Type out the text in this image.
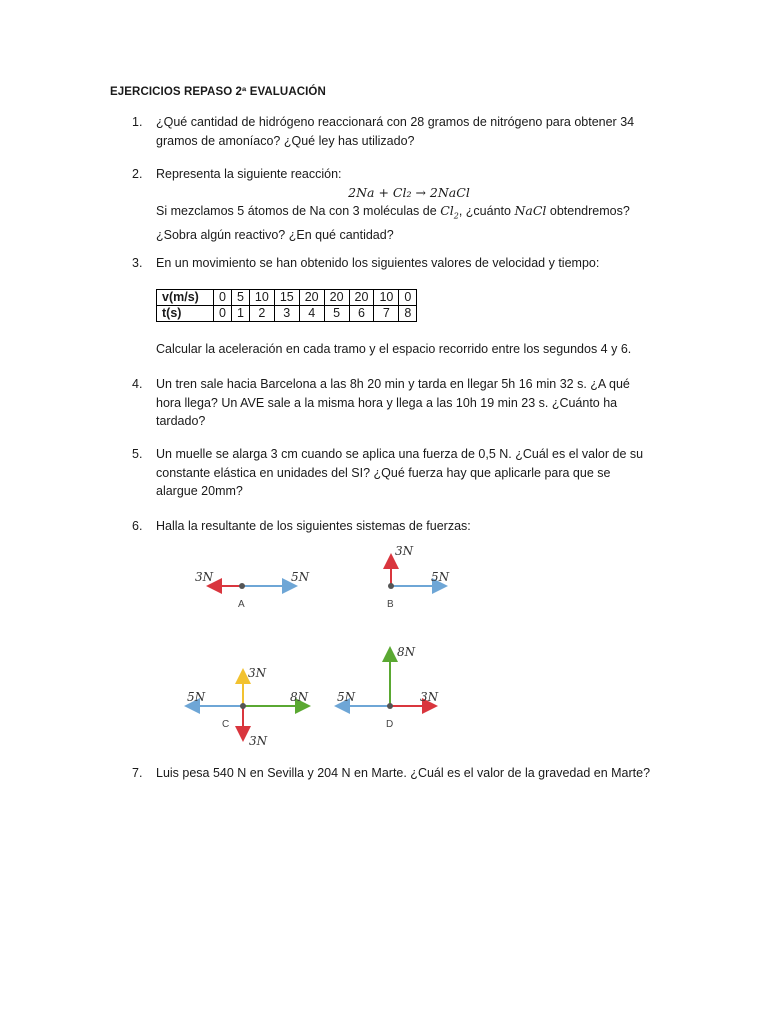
EJERCICIOS REPASO 2ª EVALUACIÓN
1.	¿Qué cantidad de hidrógeno reaccionará con 28 gramos de nitrógeno para obtener 34

gramos de amoníaco? ¿Qué ley has utilizado?

2.	Representa la siguiente reacción:

2Na + Cl₂ → 2NaCl

Si mezclamos 5 átomos de Na con 3 moléculas de $Cl_2$, ¿cuánto NaCl obtendremos?

¿Sobra algún reactivo? ¿En qué cantidad?

3.	En un movimiento se han obtenido los siguientes valores de velocidad y tiempo:

v(m/s)	0	5	10	15	20	20	20	10	0
t(s)	0	1	2	3	4	5	6	7	8

Calcular la aceleración en cada tramo y el espacio recorrido entre los segundos 4 y 6.

4.	Un tren sale hacia Barcelona a las 8h 20 min y tarda en llegar 5h 16 min 32 s. ¿A qué

hora llega? Un AVE sale a la misma hora y llega a las 10h 19 min 23 s. ¿Cuánto ha

tardado?

5.	Un muelle se alarga 3 cm cuando se aplica una fuerza de 0,5 N. ¿Cuál es el valor de su

constante elástica en unidades del SI? ¿Qué fuerza hay que aplicarle para que se

alargue 20mm?

6.	Halla la resultante de los siguientes sistemas de fuerzas:

3N	5N
A
3N
5N
B
3N
3N
5N	8N
C
8N
5N	3N
D
7.	Luis pesa 540 N en Sevilla y 204 N en Marte. ¿Cuál es el valor de la gravedad en Marte?
